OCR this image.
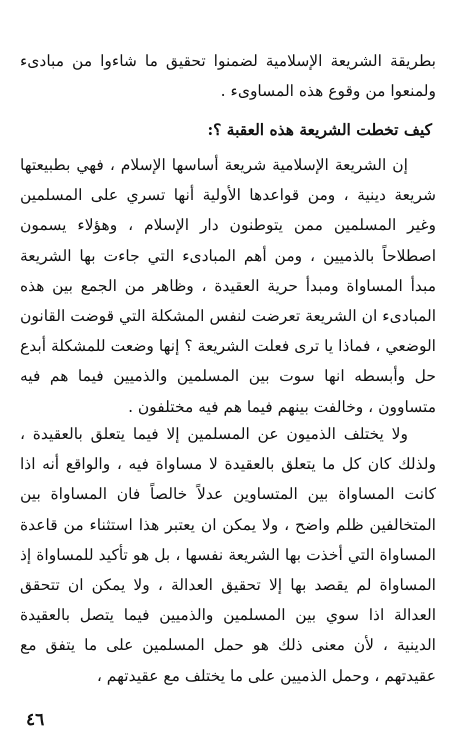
بطريقة الشريعة الإسلامية لضمنوا تحقيق ما شاءوا من مبادىء ولمنعوا من وقوع هذه المساوىء .
كيف تخطت الشريعة هذه العقبة ؟:
إن الشريعة الإسلامية شريعة أساسها الإسلام ، فهي بطبيعتها شريعة دينية ، ومن قواعدها الأولية أنها تسري على المسلمين وغير المسلمين ممن يتوطنون دار الإسلام ، وهؤلاء يسمون اصطلاحاً بالذميين ، ومن أهم المبادىء التي جاءت بها الشريعة مبدأ المساواة ومبدأ حرية العقيدة ، وظاهر من الجمع بين هذه المبادىء ان الشريعة تعرضت لنفس المشكلة التي قوضت القانون الوضعي ، فماذا يا ترى فعلت الشريعة ؟ إنها وضعت للمشكلة أبدع حل وأبسطه انها سوت بين المسلمين والذميين فيما هم فيه متساوون ، وخالفت بينهم فيما هم فيه مختلفون .
ولا يختلف الذميون عن المسلمين إلا فيما يتعلق بالعقيدة ، ولذلك كان كل ما يتعلق بالعقيدة لا مساواة فيه ، والواقع أنه اذا كانت المساواة بين المتساوين عدلاً خالصاً فان المساواة بين المتخالفين ظلم واضح ، ولا يمكن ان يعتبر هذا استثناء من قاعدة المساواة التي أخذت بها الشريعة نفسها ، بل هو تأكيد للمساواة إذ المساواة لم يقصد بها إلا تحقيق العدالة ، ولا يمكن ان تتحقق العدالة اذا سوي بين المسلمين والذميين فيما يتصل بالعقيدة الدينية ، لأن معنى ذلك هو حمل المسلمين على ما يتفق مع عقيدتهم ، وحمل الذميين على ما يختلف مع عقيدتهم ،
٤٦
